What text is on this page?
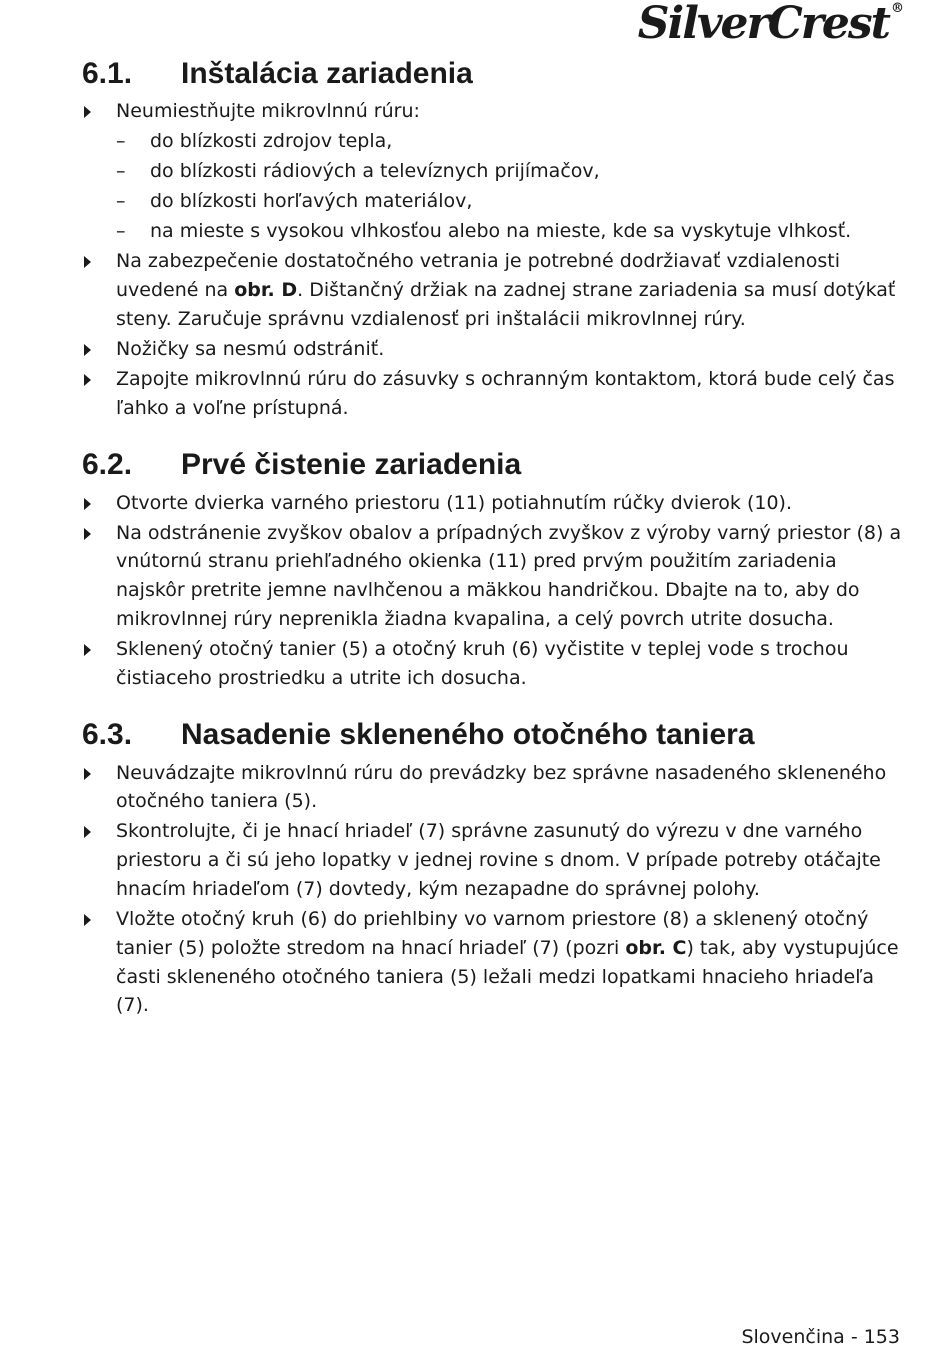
SilverCrest ®
6.1.	Inštalácia zariadenia
Neumiestňujte mikrovlnnú rúru:
– do blízkosti zdrojov tepla,
– do blízkosti rádiových a televíznych prijímačov,
– do blízkosti horľavých materiálov,
– na mieste s vysokou vlhkosťou alebo na mieste, kde sa vyskytuje vlhkosť.
Na zabezpečenie dostatočného vetrania je potrebné dodržiavať vzdialenosti uvedené na obr. D. Dištančný držiak na zadnej strane zariadenia sa musí dotýkať steny. Zaručuje správnu vzdialenosť pri inštalácii mikrovlnnej rúry.
Nožičky sa nesmú odstrániť.
Zapojte mikrovlnnú rúru do zásuvky s ochranným kontaktom, ktorá bude celý čas ľahko a voľne prístupná.
6.2.	Prvé čistenie zariadenia
Otvorte dvierka varného priestoru (11) potiahnutím rúčky dvierok (10).
Na odstránenie zvyškov obalov a prípadných zvyškov z výroby varný priestor (8) a vnútornú stranu priehľadného okienka (11) pred prvým použitím zariadenia najskôr pretrite jemne navlhčenou a mäkkou handričkou. Dbajte na to, aby do mikrovlnnej rúry neprenikla žiadna kvapalina, a celý povrch utrite dosucha.
Sklenený otočný tanier (5) a otočný kruh (6) vyčistite v teplej vode s trochou čistiaceho prostriedku a utrite ich dosucha.
6.3.	Nasadenie skleneného otočného taniera
Neuvádzajte mikrovlnnú rúru do prevádzky bez správne nasadeného skleneného otočného taniera (5).
Skontrolujte, či je hnací hriadeľ (7) správne zasunutý do výrezu v dne varného priestoru a či sú jeho lopatky v jednej rovine s dnom. V prípade potreby otáčajte hnacím hriadeľom (7) dovtedy, kým nezapadne do správnej polohy.
Vložte otočný kruh (6) do priehlbiny vo varnom priestore (8) a sklenený otočný tanier (5) položte stredom na hnací hriadeľ (7) (pozri obr. C) tak, aby vystupujúce časti skleneného otočného taniera (5) ležali medzi lopatkami hnacieho hriadeľa (7).
Slovenčina - 153
